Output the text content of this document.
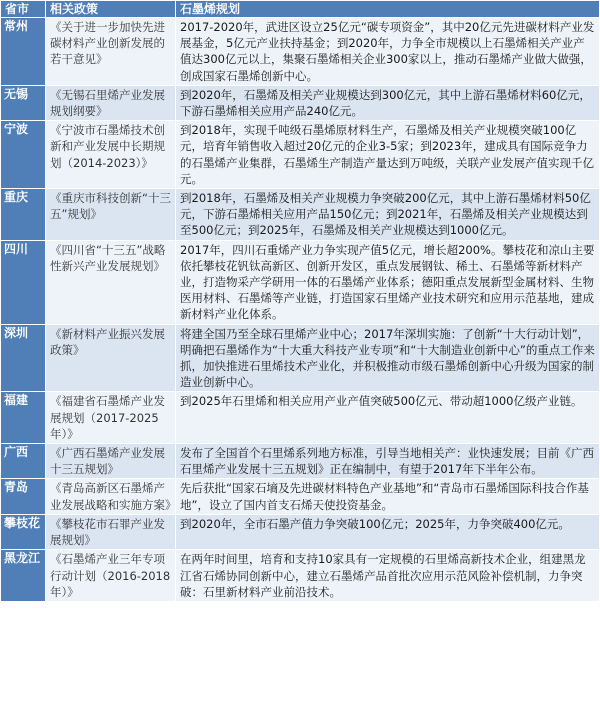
省市	相关政策	石墨烯规划
常州	《关于进一步加快先进碳材料产业创新发展的若干意见》	2017-2020年，武进区设立25亿元“碳专项资金”，其中20亿元先进碳材料产业发展基金，5亿元产业扶持基金；到2020年，力争全市规模以上石墨烯相关产业产值达300亿元以上，集聚石墨烯相关企业300家以上，推动石墨烯产业做大做强，创成国家石墨烯创新中心。
无锡	《无锡石里烯产业发展规划纲要》	到2020年，石墨烯及相关产业规模达到300亿元，其中上游石墨烯材料60亿元，下游石墨烯相关应用产品240亿元。
宁波	《宁波市石墨烯技术创新和产业发展中长期规划（2014-2023）》	到2018年，实现千吨级石墨烯原材料生产，石墨烯及相关产业规模突破100亿元，培育年销售收入超过20亿元的企业3-5家；到2023年，建成具有国际竞争力的石墨烯产业集群，石墨烯生产制造产量达到万吨级，关联产业发展产值实现千亿元。
重庆	《重庆市科技创新“十三五”规划》	到2018年，石墨烯及相关产业规模力争突破200亿元，其中上游石墨烯材料50亿元，下游石墨烯相关应用产品150亿元；到2021年，石墨烯及相关产业规模达到至500亿元；到2025年，石墨烯及相关产业规模达到1000亿元。
四川	《四川省“十三五”战略性新兴产业发展规划》	2017年，四川石重烯产业力争实现产值5亿元，增长超200%。攀枝花和凉山主要依托攀枝花钒钛高新区、创新开发区，重点发展钢钛、稀土、石墨烯等新材料产业，打造物采产学研用一体的石墨烯产业体系；德阳重点发展新型金属材料、生物医用材料、石墨烯等产业链，打造国家石里烯产业技术研究和应用示范基地，建成新材料产业化体系。
深圳	《新材料产业振兴发展政策》	将建全国乃至全球石里烯产业中心；2017年深圳实施：了创新“十大行动计划”，明确把石墨烯作为“十大重大科技产业专项”和“十大制造业创新中心”的重点工作来抓，加快推进石里烯技术产业化，并积极推动市级石墨烯创新中心升级为国家的制造业创新中心。
福建	《福建省石墨烯产业发展规划（2017-2025年）》	到2025年石里烯和相关应用产业产值突破500亿元、带动超1000亿级产业链。
广西	《广西石墨烯产业发展十三五规划》	发布了全国首个石里烯系列地方标准，引导当地相关产：业快速发展；目前《广西石里烯产业发展十三五规划》正在编制中，有望于2017年下半年公布。
青岛	《青岛高新区石墨烯产业发展战略和实施方案》	先后获批“国家石墒及先进碳材料特色产业基地”和“青岛市石墨烯国际科技合作基地”，设立了国内首支石烯天使投资基金。
攀枝花	《攀枝花市石罪产业发展规划》	到2020年，全市石墨产值力争突破100亿元；2025年，力争突破400亿元。
黑龙江	《石墨烯产业三年专项行动计划（2016-2018年）》	在两年时间里，培育和支持10家具有一定规模的石里烯高新技术企业，组建黑龙江省石烯协同创新中心，建立石墨烯产品首批次应用示范风险补偿机制，力争突破：石里新材料产业前沿技术。
